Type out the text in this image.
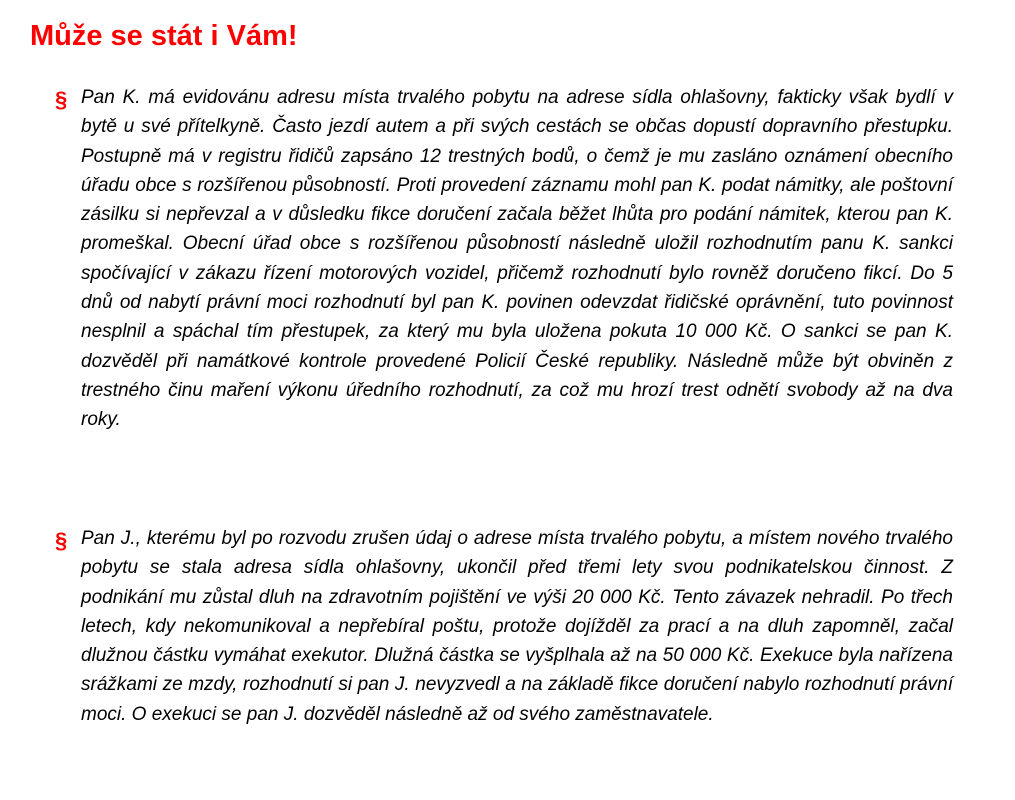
Může se stát i Vám!
§ Pan K. má evidovánu adresu místa trvalého pobytu na adrese sídla ohlašovny, fakticky však bydlí v bytě u své přítelkyně. Často jezdí autem a při svých cestách se občas dopustí dopravního přestupku. Postupně má v registru řidičů zapsáno 12 trestných bodů, o čemž je mu zasláno oznámení obecního úřadu obce s rozšířenou působností. Proti provedení záznamu mohl pan K. podat námitky, ale poštovní zásilku si nepřevzal a v důsledku fikce doručení začala běžet lhůta pro podání námitek, kterou pan K. promeškal. Obecní úřad obce s rozšířenou působností následně uložil rozhodnutím panu K. sankci spočívající v zákazu řízení motorových vozidel, přičemž rozhodnutí bylo rovněž doručeno fikcí. Do 5 dnů od nabytí právní moci rozhodnutí byl pan K. povinen odevzdat řidičské oprávnění, tuto povinnost nesplnil a spáchal tím přestupek, za který mu byla uložena pokuta 10 000 Kč. O sankci se pan K. dozvěděl při namátkové kontrole provedené Policií České republiky. Následně může být obviněn z trestného činu maření výkonu úředního rozhodnutí, za což mu hrozí trest odnětí svobody až na dva roky.

§ Pan J., kterému byl po rozvodu zrušen údaj o adrese místa trvalého pobytu, a místem nového trvalého pobytu se stala adresa sídla ohlašovny, ukončil před třemi lety svou podnikatelskou činnost. Z podnikání mu zůstal dluh na zdravotním pojištění ve výši 20 000 Kč. Tento závazek nehradil. Po třech letech, kdy nekomunikoval a nepřebíral poštu, protože dojížděl za prací a na dluh zapomněl, začal dlužnou částku vymáhat exekutor. Dlužná částka se vyšplhala až na 50 000 Kč. Exekuce byla nařízena srážkami ze mzdy, rozhodnutí si pan J. nevyzvedl a na základě fikce doručení nabylo rozhodnutí právní moci. O exekuci se pan J. dozvěděl následně až od svého zaměstnavatele.
